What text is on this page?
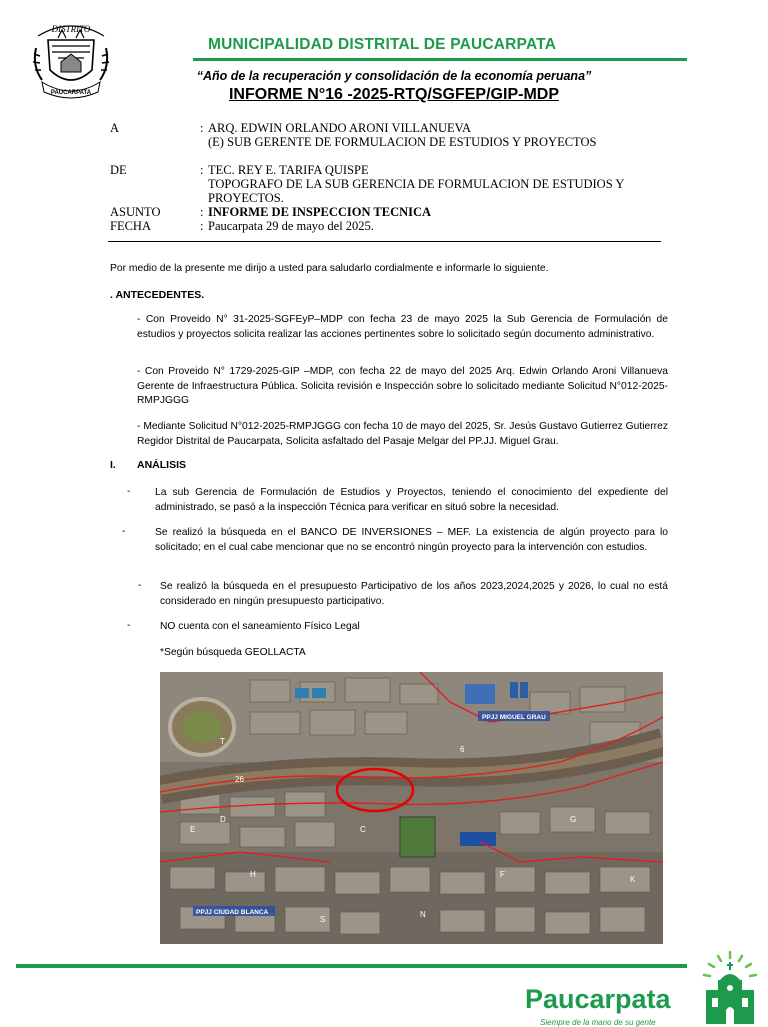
DISTRITO
PAUCARPATA
MUNICIPALIDAD DISTRITAL DE PAUCARPATA
“Año de la recuperación y consolidación de la economía peruana”
INFORME N°16 -2025-RTQ/SGFEP/GIP-MDP
A	: ARQ. EDWIN ORLANDO ARONI VILLANUEVA
(E) SUB GERENTE DE FORMULACION DE ESTUDIOS Y PROYECTOS
DE	: TEC. REY E. TARIFA QUISPE
TOPOGRAFO DE LA SUB GERENCIA DE FORMULACION DE ESTUDIOS Y
PROYECTOS.
ASUNTO	: INFORME DE INSPECCION TECNICA
FECHA	: Paucarpata 29 de mayo del 2025.
Por medio de la presente me dirijo a usted para saludarlo cordialmente e informarle lo siguiente.
. ANTECEDENTES.
- Con Proveido N° 31-2025-SGFEyP–MDP con fecha 23 de mayo 2025 la Sub Gerencia de Formulación de estudios y proyectos solicita realizar las acciones pertinentes sobre lo solicitado según documento administrativo.
- Con Proveido N° 1729-2025-GIP –MDP, con fecha 22 de mayo del 2025 Arq. Edwin Orlando Aroni Villanueva Gerente de Infraestructura Pública. Solicita revisión e Inspección sobre lo solicitado mediante Solicitud N°012-2025-RMPJGGG
- Mediante Solicitud N°012-2025-RMPJGGG con fecha 10 de mayo del 2025, Sr. Jesús Gustavo Gutierrez Gutierrez Regidor Distrital de Paucarpata, Solicita asfaltado del Pasaje Melgar del PP.JJ. Miguel Grau.
I. ANÁLISIS
- La sub Gerencia de Formulación de Estudios y Proyectos, teniendo el conocimiento del expediente del administrado, se pasó a la inspección Técnica para verificar en situó sobre la necesidad.
-	Se realizó la búsqueda en el BANCO DE INVERSIONES – MEF. La existencia de algún proyecto para lo solicitado; en el cual cabe mencionar que no se encontró ningún proyecto para la intervención con estudios.
- Se realizó la búsqueda en el presupuesto Participativo de los años 2023,2024,2025 y 2026, lo cual no está considerado en ningún presupuesto participativo.
-	NO cuenta con el saneamiento Físico Legal
*Según búsqueda GEOLLACTA
26
6
T
E
H
S
N
F
G
K
D
C
PPJJ MIGUEL GRAU
PPJJ CIUDAD BLANCA
Paucarpata
Siempre de la mano de su gente
